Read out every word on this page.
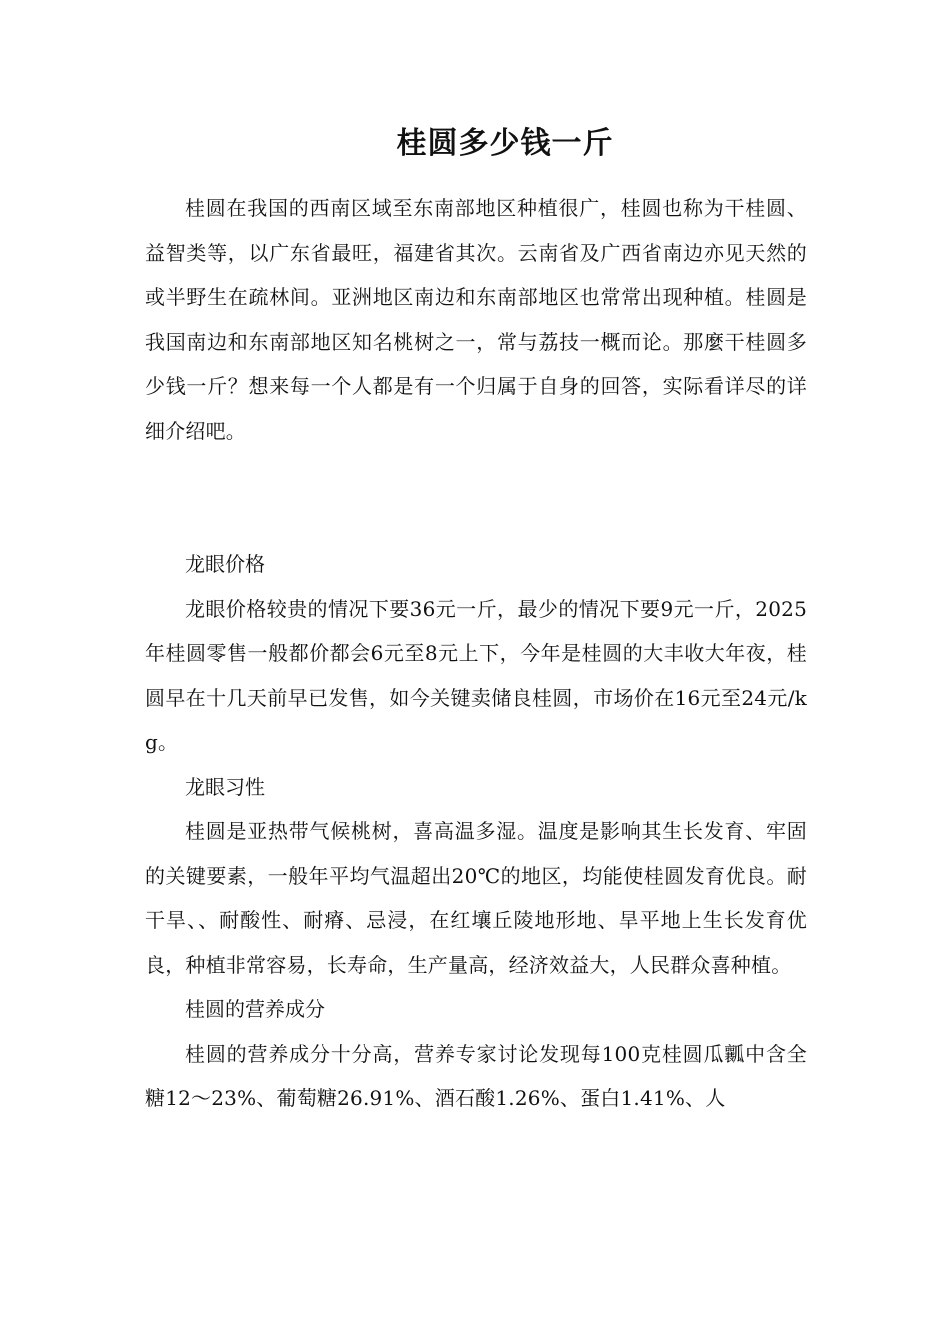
桂圆多少钱一斤

桂圆在我国的西南区域至东南部地区种植很广，桂圆也称为干桂圆、益智类等，以广东省最旺，福建省其次。云南省及广西省南边亦见天然的或半野生在疏林间。亚洲地区南边和东南部地区也常常出现种植。桂圆是我国南边和东南部地区知名桃树之一，常与荔技一概而论。那麼干桂圆多少钱一斤？想来每一个人都是有一个归属于自身的回答，实际看详尽的详细介绍吧。

龙眼价格

龙眼价格较贵的情况下要36元一斤，最少的情况下要9元一斤，2025年桂圆零售一般都价都会6元至8元上下，今年是桂圆的大丰收大年夜，桂圆早在十几天前早已发售，如今关键卖储良桂圆，市场价在16元至24元/kg。

龙眼习性

桂圆是亚热带气候桃树，喜高温多湿。温度是影响其生长发育、牢固的关键要素，一般年平均气温超出20℃的地区，均能使桂圆发育优良。耐干旱、、耐酸性、耐瘠、忌浸，在红壤丘陵地形地、旱平地上生长发育优良，种植非常容易，长寿命，生产量高，经济效益大，人民群众喜种植。

桂圆的营养成分

桂圆的营养成分十分高，营养专家讨论发现每100克桂圆瓜瓤中含全糖12～23%、葡萄糖26.91%、酒石酸1.26%、蛋白1.41%、人
